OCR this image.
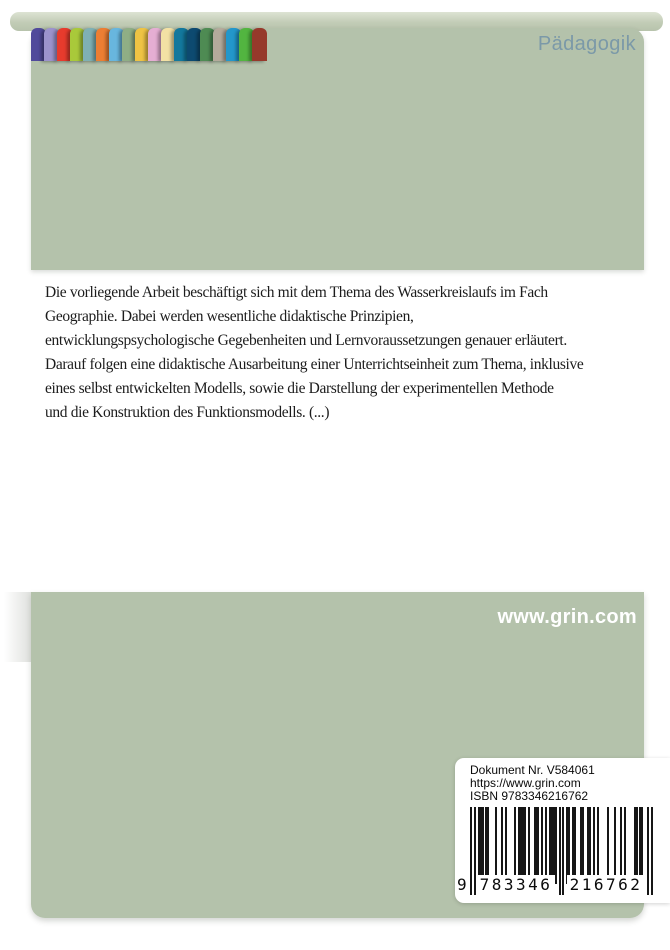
Pädagogik
Die vorliegende Arbeit beschäftigt sich mit dem Thema des Wasserkreislaufs im Fach
Geographie. Dabei werden wesentliche didaktische Prinzipien,
entwicklungspsychologische Gegebenheiten und Lernvoraussetzungen genauer erläutert.
Darauf folgen eine didaktische Ausarbeitung einer Unterrichtseinheit zum Thema, inklusive
eines selbst entwickelten Modells, sowie die Darstellung der experimentellen Methode
und die Konstruktion des Funktionsmodells. (...)
www.grin.com
Dokument Nr. V584061
https://www.grin.com
ISBN 9783346216762
9 783346 216762
